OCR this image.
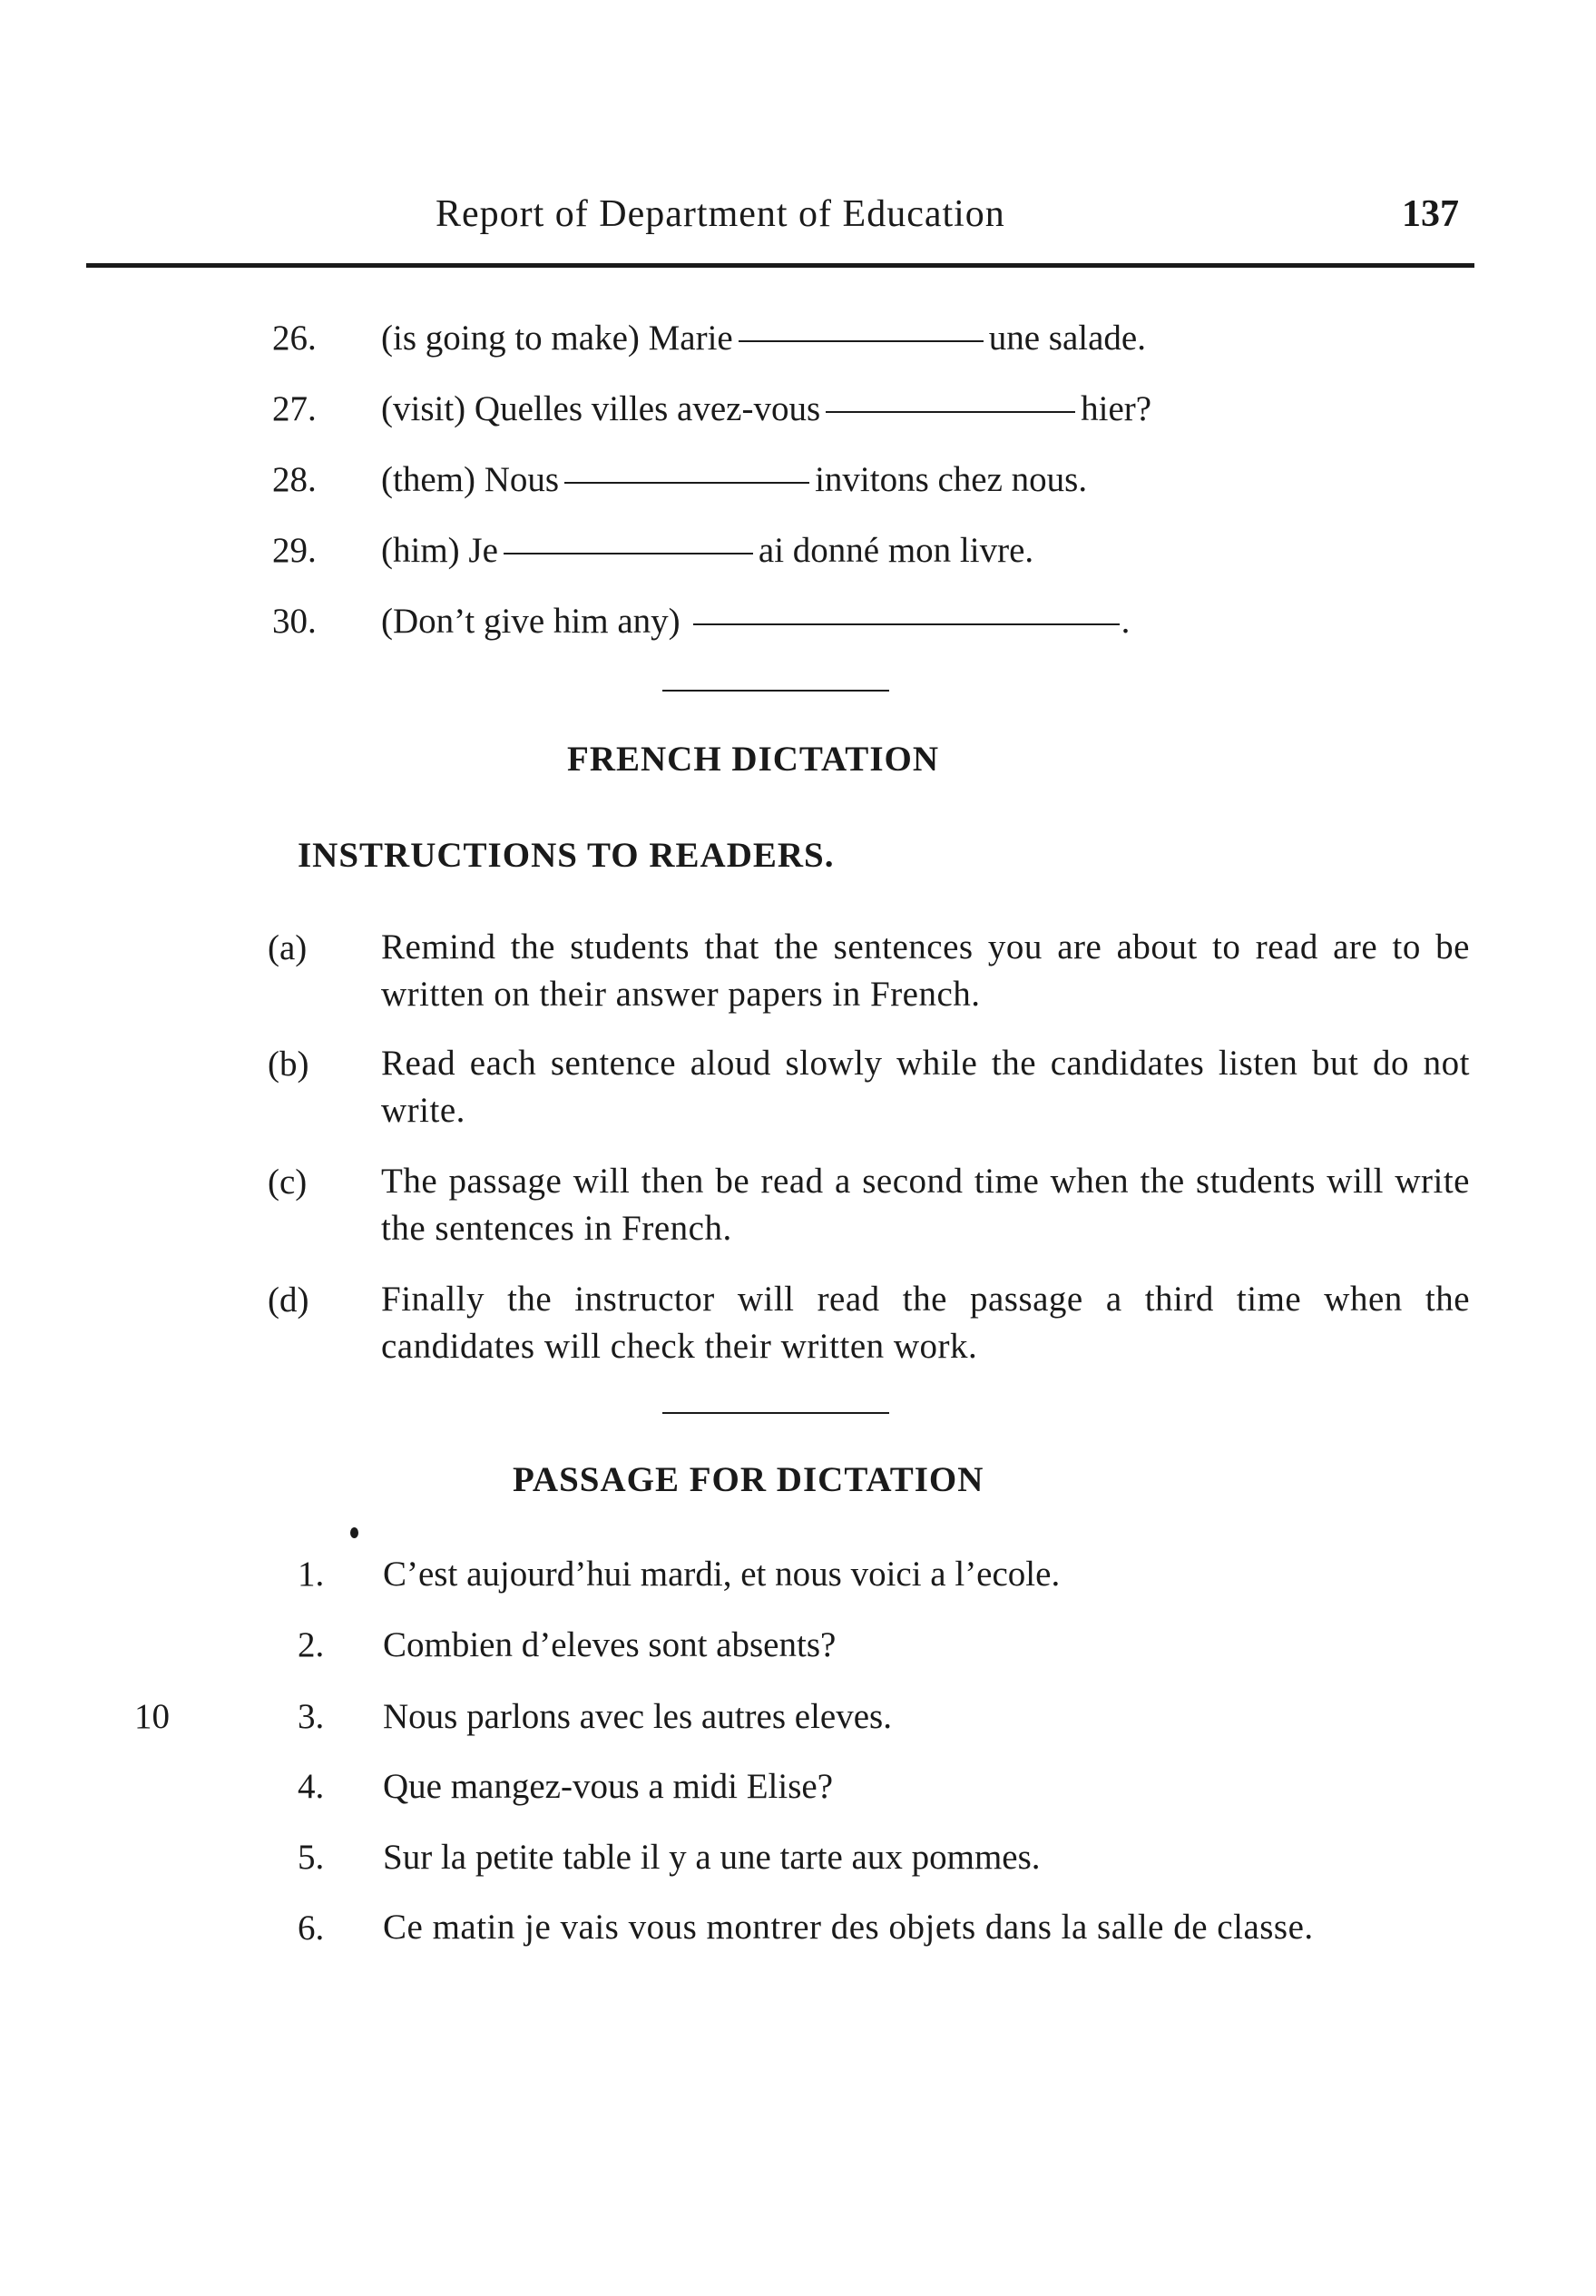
Report of Department of Education	137
26. (is going to make) Marie	une salade.
27. (visit) Quelles villes avez-vous	hier?
28. (them) Nous	invitons chez nous.
29. (him) Je	ai donné mon livre.
30. (Don’t give him any)	.
FRENCH DICTATION
INSTRUCTIONS TO READERS.
(a) Remind the students that the sentences you are about to read are to be written on their answer papers in French.
(b) Read each sentence aloud slowly while the candidates listen but do not write.
(c) The passage will then be read a second time when the students will write the sentences in French.
(d) Finally the instructor will read the passage a third time when the candidates will check their written work.
PASSAGE FOR DICTATION
10
1. C’est aujourd’hui mardi, et nous voici a l’ecole.
2. Combien d’eleves sont absents?
3. Nous parlons avec les autres eleves.
4. Que mangez-vous a midi Elise?
5. Sur la petite table il y a une tarte aux pommes.
6. Ce matin je vais vous montrer des objets dans la salle de classe.
